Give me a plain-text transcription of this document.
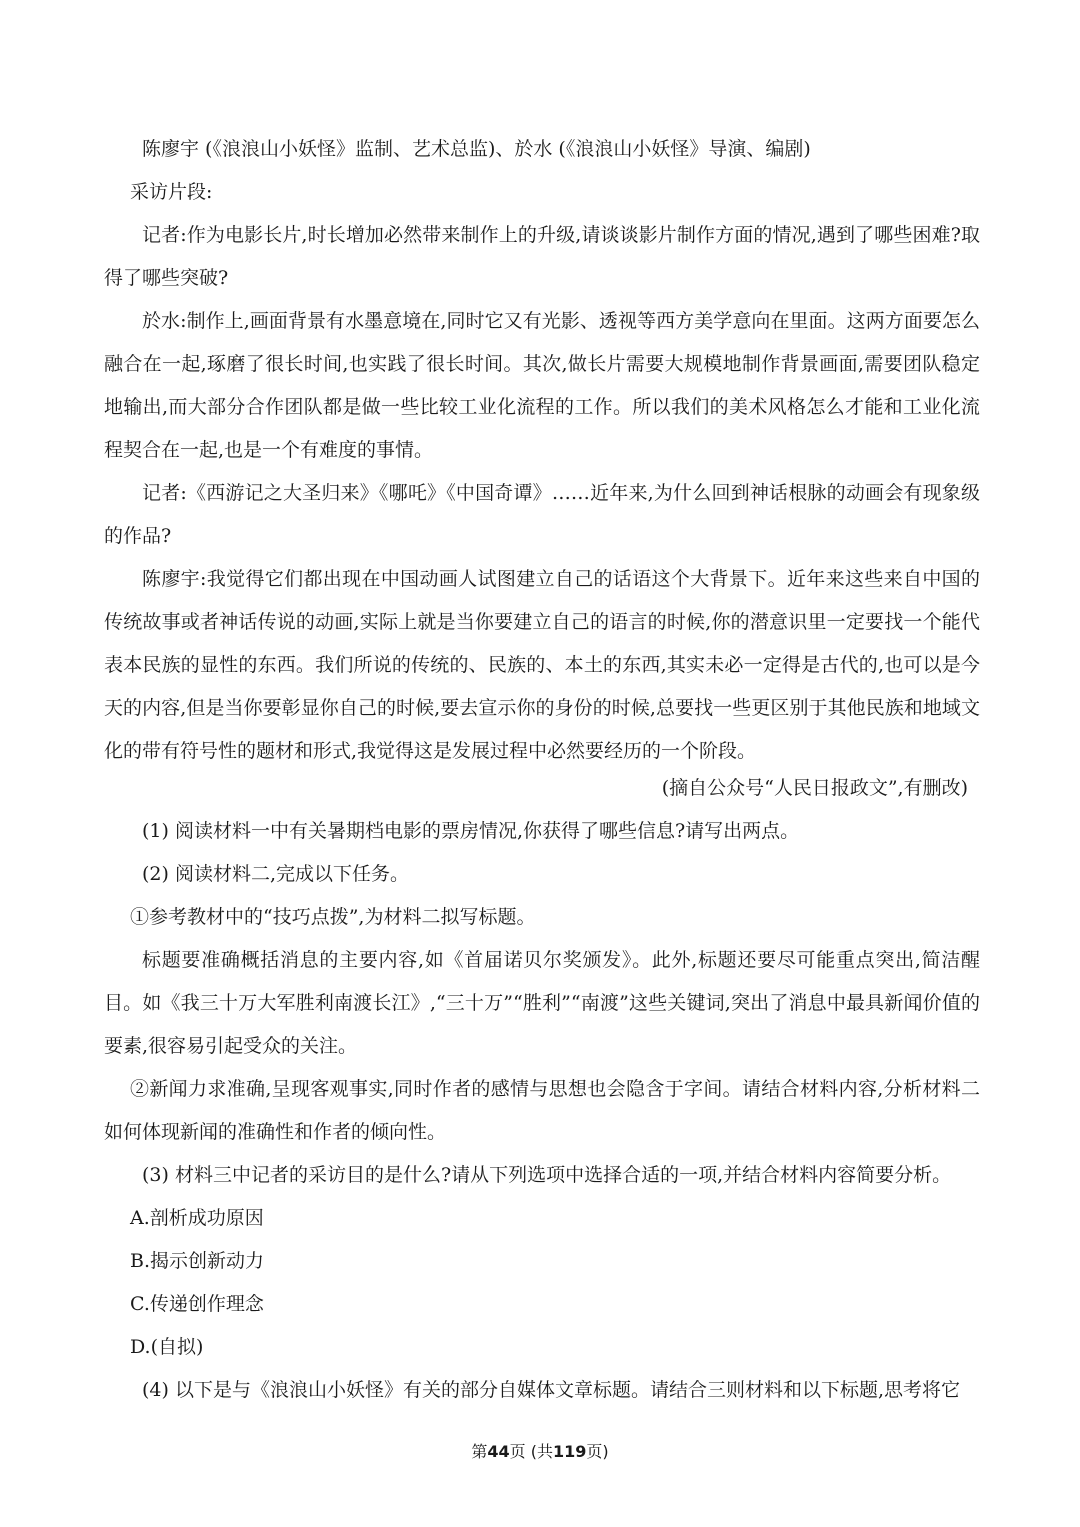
陈廖宇 (《浪浪山小妖怪》监制、艺术总监)、於水 (《浪浪山小妖怪》导演、编剧)

采访片段:

记者:作为电影长片,时长增加必然带来制作上的升级,请谈谈影片制作方面的情况,遇到了哪些困难?取得了哪些突破?

於水:制作上,画面背景有水墨意境在,同时它又有光影、透视等西方美学意向在里面。这两方面要怎么融合在一起,琢磨了很长时间,也实践了很长时间。其次,做长片需要大规模地制作背景画面,需要团队稳定地输出,而大部分合作团队都是做一些比较工业化流程的工作。所以我们的美术风格怎么才能和工业化流程契合在一起,也是一个有难度的事情。

记者:《西游记之大圣归来》《哪吒》《中国奇谭》……近年来,为什么回到神话根脉的动画会有现象级的作品?

陈廖宇:我觉得它们都出现在中国动画人试图建立自己的话语这个大背景下。近年来这些来自中国的传统故事或者神话传说的动画,实际上就是当你要建立自己的语言的时候,你的潜意识里一定要找一个能代表本民族的显性的东西。我们所说的传统的、民族的、本土的东西,其实未必一定得是古代的,也可以是今天的内容,但是当你要彰显你自己的时候,要去宣示你的身份的时候,总要找一些更区别于其他民族和地域文化的带有符号性的题材和形式,我觉得这是发展过程中必然要经历的一个阶段。

(摘自公众号“人民日报政文”,有删改)

(1) 阅读材料一中有关暑期档电影的票房情况,你获得了哪些信息?请写出两点。

(2) 阅读材料二,完成以下任务。

①参考教材中的“技巧点拨”,为材料二拟写标题。

标题要准确概括消息的主要内容,如《首届诺贝尔奖颁发》。此外,标题还要尽可能重点突出,简洁醒目。如《我三十万大军胜利南渡长江》,“三十万”“胜利”“南渡”这些关键词,突出了消息中最具新闻价值的要素,很容易引起受众的关注。

②新闻力求准确,呈现客观事实,同时作者的感情与思想也会隐含于字间。请结合材料内容,分析材料二如何体现新闻的准确性和作者的倾向性。

(3) 材料三中记者的采访目的是什么?请从下列选项中选择合适的一项,并结合材料内容简要分析。

A.剖析成功原因

B.揭示创新动力

C.传递创作理念

D.(自拟)

(4) 以下是与《浪浪山小妖怪》有关的部分自媒体文章标题。请结合三则材料和以下标题,思考将它

第44页 (共119页)
